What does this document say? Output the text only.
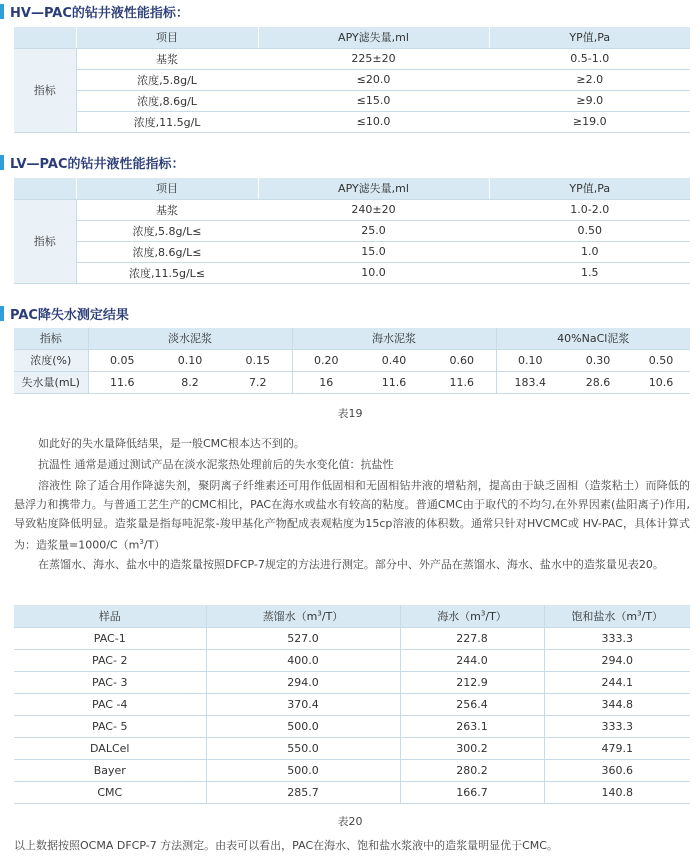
HV—PAC的钻井液性能指标：
	项目	APY滤失量,ml	YP值,Pa
指标	基浆	225±20	0.5-1.0
	浓度,5.8g/L	≤20.0	≥2.0
	浓度,8.6g/L	≤15.0	≥9.0
	浓度,11.5g/L	≤10.0	≥19.0
LV—PAC的钻井液性能指标：
	项目	APY滤失量,ml	YP值,Pa
指标	基浆	240±20	1.0-2.0
	浓度,5.8g/L≤	25.0	0.50
	浓度,8.6g/L≤	15.0	1.0
	浓度,11.5g/L≤	10.0	1.5
PAC降失水测定结果
指标	淡水泥浆			海水泥浆			40%NaCl泥浆		
浓度(%)	0.05	0.10	0.15	0.20	0.40	0.60	0.10	0.30	0.50
失水量(mL)	11.6	8.2	7.2	16	11.6	11.6	183.4	28.6	10.6
表19
如此好的失水量降低结果，是一般CMC根本达不到的。
抗温性 通常是通过测试产品在淡水泥浆热处理前后的失水变化值：抗盐性
溶液性 除了适合用作降滤失剂，聚阴离子纤维素还可用作低固相和无固相钻井液的增粘剂，提高由于缺乏固相（造浆粘土）而降低的悬浮力和携带力。与普通工艺生产的CMC相比，PAC在海水或盐水有较高的粘度。普通CMC由于取代的不均匀,在外界因素(盐阳离子)作用,导致粘度降低明显。造浆量是指每吨泥浆-羧甲基化产物配成表观粘度为15cp溶液的体积数。通常只针对HVCMC或 HV-PAC，具体计算式为：造浆量$=1000/C(m^3/T)$
在蒸馏水、海水、盐水中的造浆量按照DFCP-7规定的方法进行测定。部分中、外产品在蒸馏水、海水、盐水中的造浆量见表20。
样品	蒸馏水$(m^3/T)$	海水$(m^3/T)$	饱和盐水$(m^3/T)$
PAC-1	527.0	227.8	333.3
PAC- 2	400.0	244.0	294.0
PAC- 3	294.0	212.9	244.1
PAC -4	370.4	256.4	344.8
PAC- 5	500.0	263.1	333.3
DALCel	550.0	300.2	479.1
Bayer	500.0	280.2	360.6
CMC	285.7	166.7	140.8
表20
以上数据按照OCMA DFCP-7 方法测定。由表可以看出，PAC在海水、饱和盐水浆液中的造浆量明显优于CMC。
